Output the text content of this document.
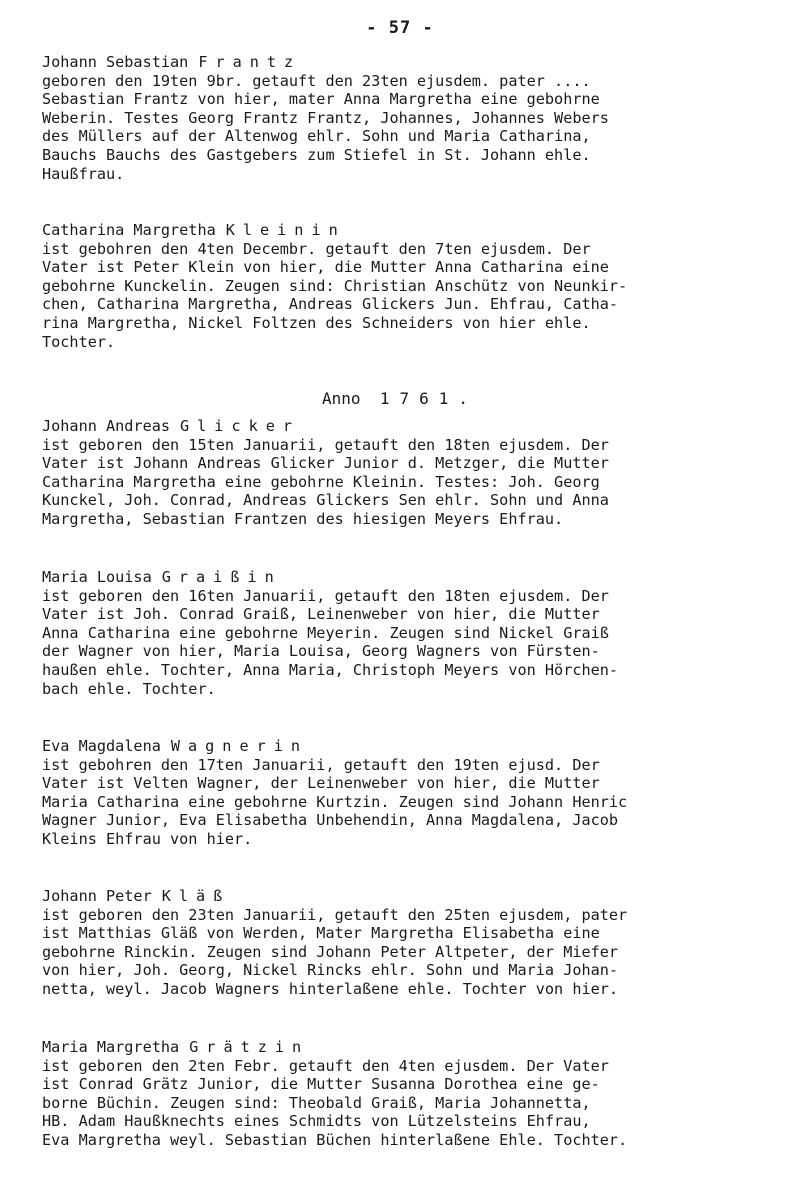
- 57 -
Johann Sebastian Frantz
geboren den 19ten 9br. getauft den 23ten ejusdem. pater ....
Sebastian Frantz von hier, mater Anna Margretha eine gebohrne
Weberin. Testes Georg Frantz Frantz, Johannes, Johannes Webers
des Müllers auf der Altenwog ehlr. Sohn und Maria Catharina,
Bauchs Bauchs des Gastgebers zum Stiefel in St. Johann ehle.
Haußfrau.
Catharina Margretha Kleinin
ist gebohren den 4ten Decembr. getauft den 7ten ejusdem. Der
Vater ist Peter Klein von hier, die Mutter Anna Catharina eine
gebohrne Kunckelin. Zeugen sind: Christian Anschütz von Neunkir-
chen, Catharina Margretha, Andreas Glickers Jun. Ehfrau, Catha-
rina Margretha, Nickel Foltzen des Schneiders von hier ehle.
Tochter.
Anno 1761.
Johann Andreas Glicker
ist geboren den 15ten Januarii, getauft den 18ten ejusdem. Der
Vater ist Johann Andreas Glicker Junior d. Metzger, die Mutter
Catharina Margretha eine gebohrne Kleinin. Testes: Joh. Georg
Kunckel, Joh. Conrad, Andreas Glickers Sen ehlr. Sohn und Anna
Margretha, Sebastian Frantzen des hiesigen Meyers Ehfrau.
Maria Louisa Graißin
ist geboren den 16ten Januarii, getauft den 18ten ejusdem. Der
Vater ist Joh. Conrad Graiß, Leinenweber von hier, die Mutter
Anna Catharina eine gebohrne Meyerin. Zeugen sind Nickel Graiß
der Wagner von hier, Maria Louisa, Georg Wagners von Fürsten-
haußen ehle. Tochter, Anna Maria, Christoph Meyers von Hörchen-
bach ehle. Tochter.
Eva Magdalena Wagnerin
ist gebohren den 17ten Januarii, getauft den 19ten ejusd. Der
Vater ist Velten Wagner, der Leinenweber von hier, die Mutter
Maria Catharina eine gebohrne Kurtzin. Zeugen sind Johann Henric
Wagner Junior, Eva Elisabetha Unbehendin, Anna Magdalena, Jacob
Kleins Ehfrau von hier.
Johann Peter Kläß
ist geboren den 23ten Januarii, getauft den 25ten ejusdem, pater
ist Matthias Gläß von Werden, Mater Margretha Elisabetha eine
gebohrne Rinckin. Zeugen sind Johann Peter Altpeter, der Miefer
von hier, Joh. Georg, Nickel Rincks ehlr. Sohn und Maria Johan-
netta, weyl. Jacob Wagners hinterlaßene ehle. Tochter von hier.
Maria Margretha Grätzin
ist geboren den 2ten Febr. getauft den 4ten ejusdem. Der Vater
ist Conrad Grätz Junior, die Mutter Susanna Dorothea eine ge-
borne Büchin. Zeugen sind: Theobald Graiß, Maria Johannetta,
HB. Adam Haußknechts eines Schmidts von Lützelsteins Ehfrau,
Eva Margretha weyl. Sebastian Büchen hinterlaßene Ehle. Tochter.
